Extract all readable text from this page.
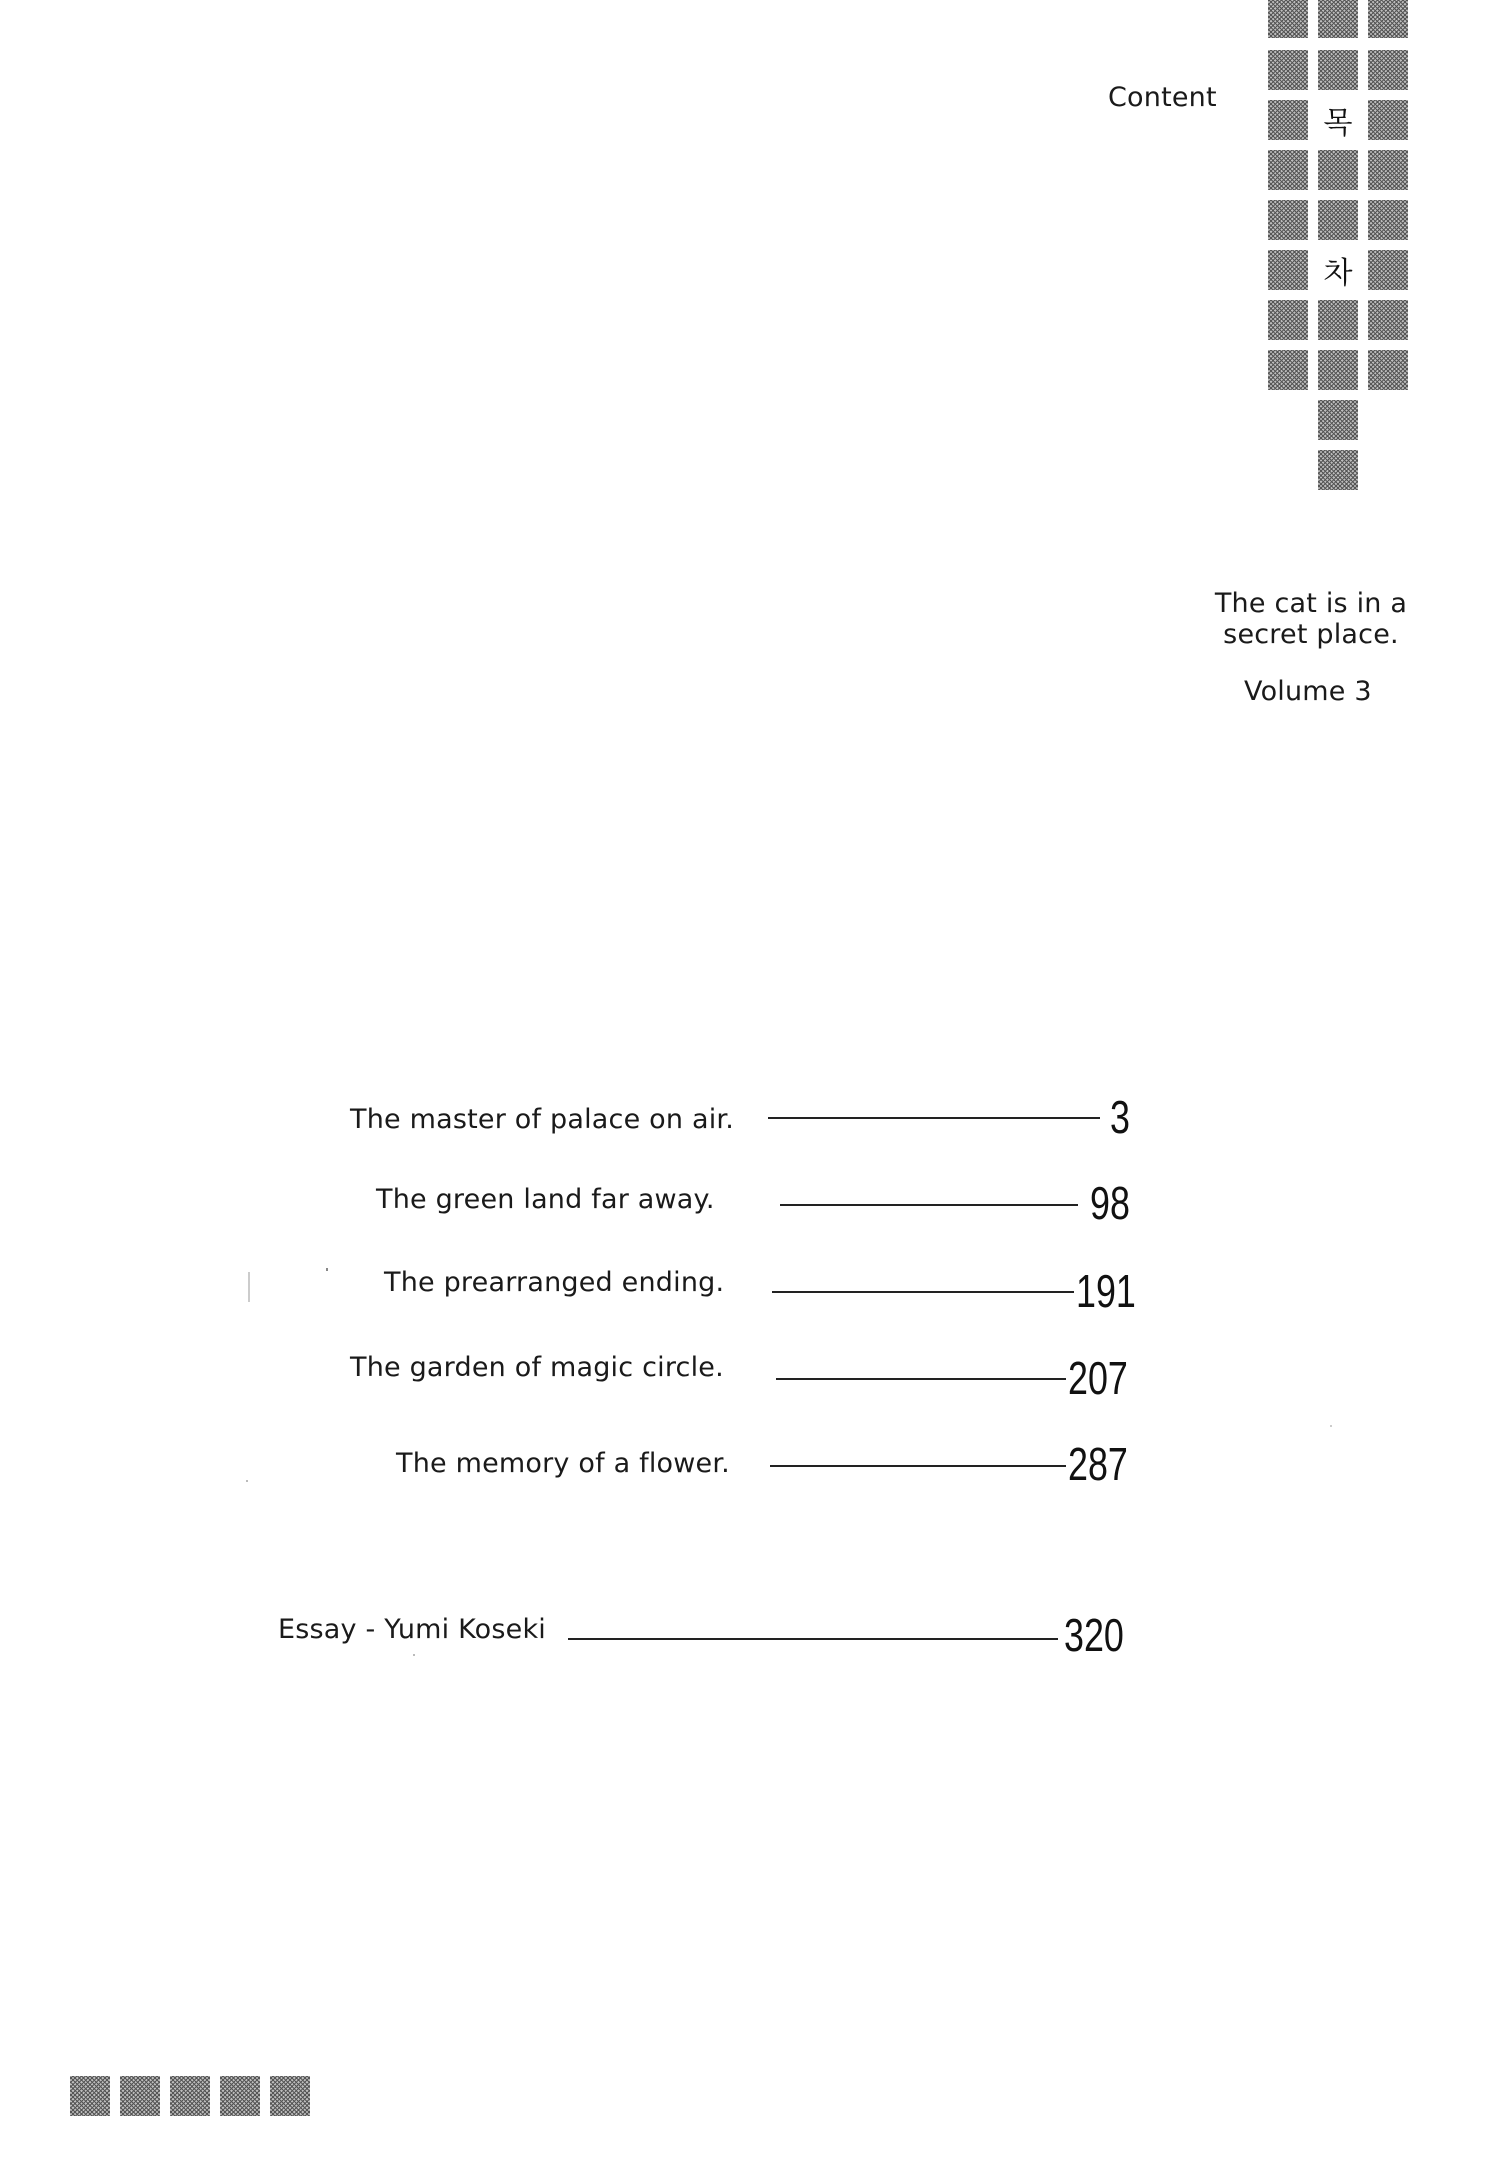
목
차
Content
The cat is in a secret place.
Volume 3
The master of palace on air.	3
The green land far away.	98
The prearranged ending.	191
The garden of magic circle.	207
The memory of a flower.	287
Essay - Yumi Koseki	320
